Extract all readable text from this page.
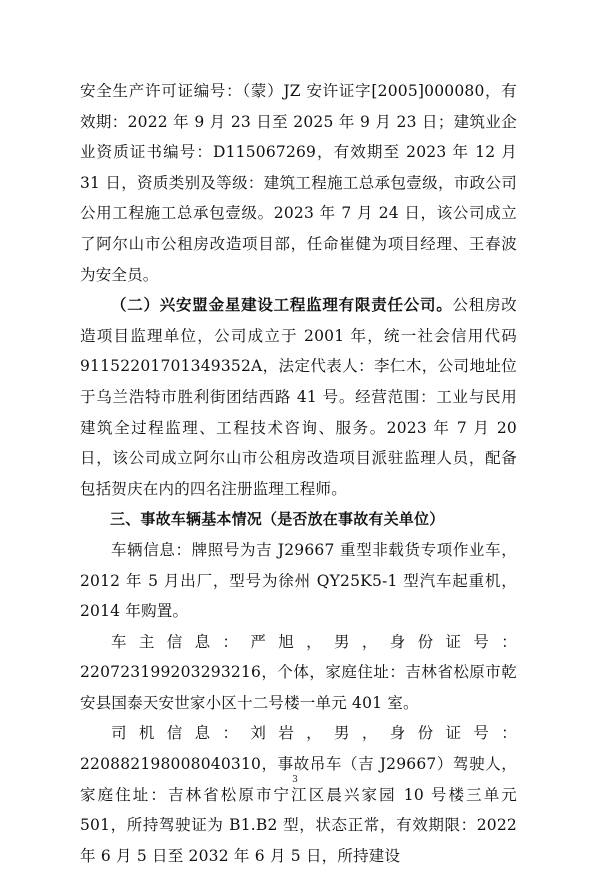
安全生产许可证编号：（蒙）JZ 安许证字[2005]000080，有效期：2022 年 9 月 23 日至 2025 年 9 月 23 日；建筑业企业资质证书编号：D115067269，有效期至 2023 年 12 月 31 日，资质类别及等级：建筑工程施工总承包壹级，市政公司公用工程施工总承包壹级。2023 年 7 月 24 日，该公司成立了阿尔山市公租房改造项目部，任命崔健为项目经理、王春波为安全员。

（二）兴安盟金星建设工程监理有限责任公司。公租房改造项目监理单位，公司成立于 2001 年，统一社会信用代码 91152201701349352A，法定代表人：李仁木，公司地址位于乌兰浩特市胜利街团结西路 41 号。经营范围：工业与民用建筑全过程监理、工程技术咨询、服务。2023 年 7 月 20 日，该公司成立阿尔山市公租房改造项目派驻监理人员，配备包括贺庆在内的四名注册监理工程师。

三、事故车辆基本情况（是否放在事故有关单位）

车辆信息：牌照号为吉 J29667 重型非载货专项作业车，2012 年 5 月出厂，型号为徐州 QY25K5-1 型汽车起重机，2014 年购置。

车主信息：严旭，男，身份证号：220723199203293216，个体，家庭住址：吉林省松原市乾安县国泰天安世家小区十二号楼一单元 401 室。

司机信息：刘岩，男，身份证号：220882198008040310，事故吊车（吉 J29667）驾驶人，家庭住址：吉林省松原市宁江区晨兴家园 10 号楼三单元 501，所持驾驶证为 B1.B2 型，状态正常，有效期限：2022 年 6 月 5 日至 2032 年 6 月 5 日，所持建设

3
